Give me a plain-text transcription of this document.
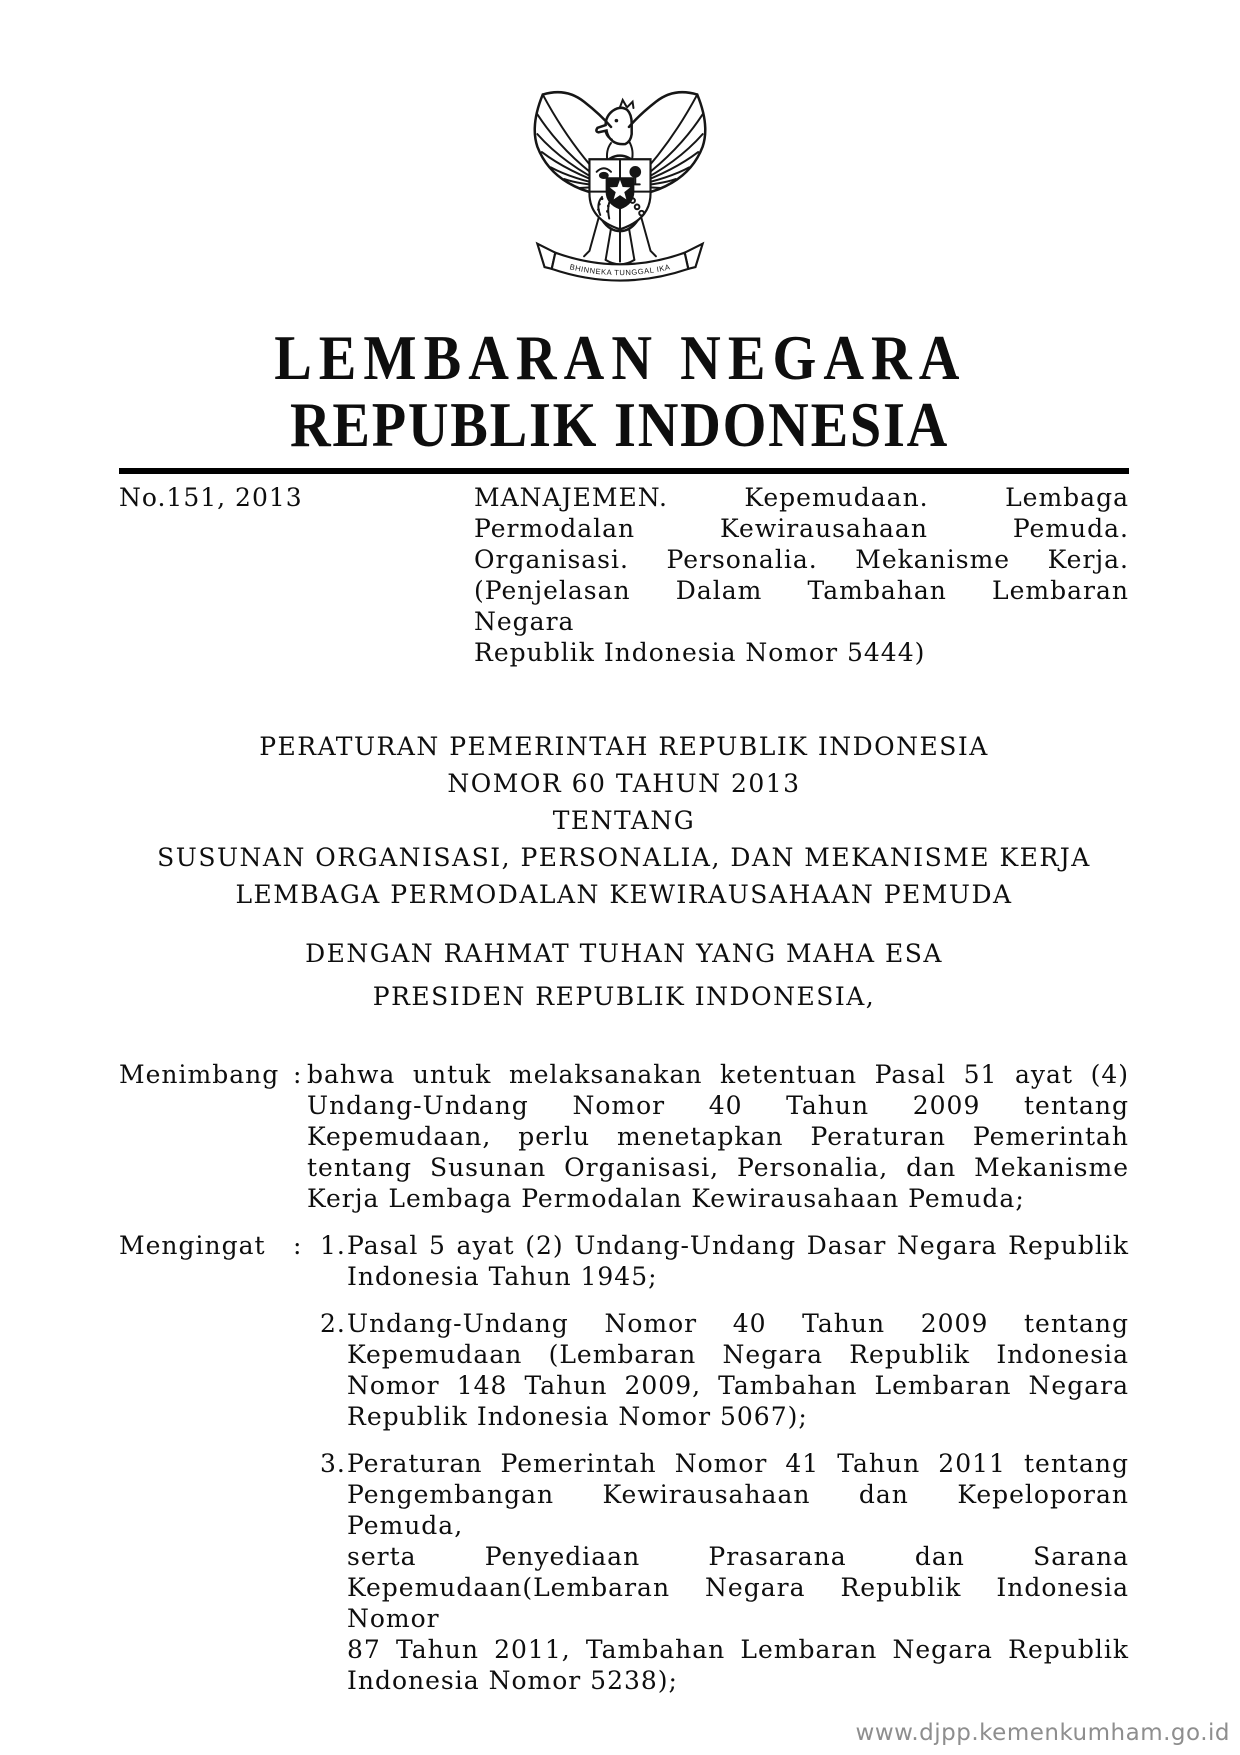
BHINNEKA TUNGGAL IKA
LEMBARAN NEGARA
REPUBLIK INDONESIA
No.151, 2013	MANAJEMEN. Kepemudaan. Lembaga
Permodalan Kewirausahaan Pemuda.
Organisasi. Personalia. Mekanisme Kerja.
(Penjelasan Dalam Tambahan Lembaran Negara
Republik Indonesia Nomor 5444)
PERATURAN PEMERINTAH REPUBLIK INDONESIA
NOMOR 60 TAHUN 2013
TENTANG
SUSUNAN ORGANISASI, PERSONALIA, DAN MEKANISME KERJA
LEMBAGA PERMODALAN KEWIRAUSAHAAN PEMUDA
DENGAN RAHMAT TUHAN YANG MAHA ESA
PRESIDEN REPUBLIK INDONESIA,
Menimbang : bahwa untuk melaksanakan ketentuan Pasal 51 ayat (4)
Undang-Undang Nomor 40 Tahun 2009 tentang
Kepemudaan, perlu menetapkan Peraturan Pemerintah
tentang Susunan Organisasi, Personalia, dan Mekanisme
Kerja Lembaga Permodalan Kewirausahaan Pemuda;
Mengingat	: 1. Pasal 5 ayat (2) Undang-Undang Dasar Negara Republik
Indonesia Tahun 1945;
2. Undang-Undang Nomor 40 Tahun 2009 tentang
Kepemudaan (Lembaran Negara Republik Indonesia
Nomor 148 Tahun 2009, Tambahan Lembaran Negara
Republik Indonesia Nomor 5067);
3. Peraturan Pemerintah Nomor 41 Tahun 2011 tentang
Pengembangan Kewirausahaan dan Kepeloporan Pemuda,
serta Penyediaan Prasarana dan Sarana
Kepemudaan(Lembaran Negara Republik Indonesia Nomor
87 Tahun 2011, Tambahan Lembaran Negara Republik
Indonesia Nomor 5238);
www.djpp.kemenkumham.go.id
